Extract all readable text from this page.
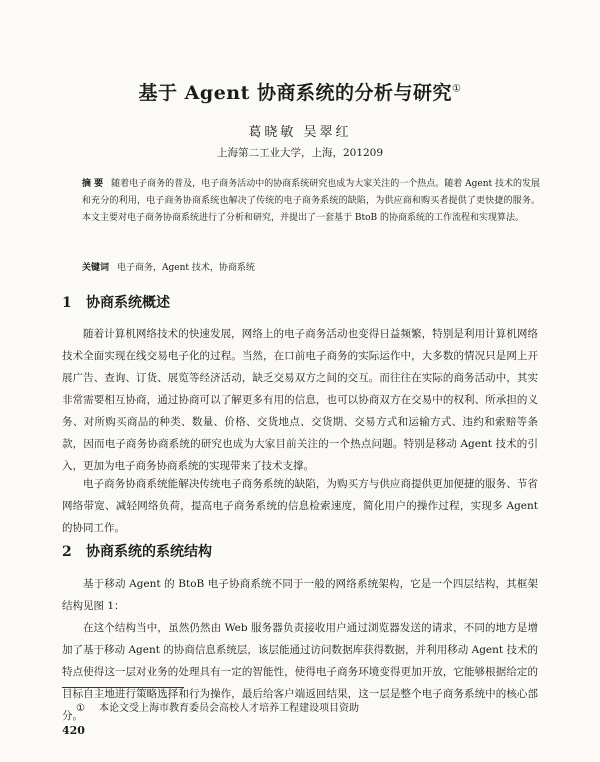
基于 Agent 协商系统的分析与研究①
葛晓敏 吴翠红
上海第二工业大学，上海，201209
摘 要 随着电子商务的普及，电子商务活动中的协商系统研究也成为大家关注的一个热点。随着 Agent 技术的发展和充分的利用，电子商务协商系统也解决了传统的电子商务系统的缺陷，为供应商和购买者提供了更快捷的服务。本文主要对电子商务协商系统进行了分析和研究，并提出了一套基于 BtoB 的协商系统的工作流程和实现算法。
关键词 电子商务，Agent 技术，协商系统
1 协商系统概述

随着计算机网络技术的快速发展，网络上的电子商务活动也变得日益频繁，特别是利用计算机网络技术全面实现在线交易电子化的过程。当然，在口前电子商务的实际运作中，大多数的情况只是网上开展广告、查询、订货、展览等经济活动，缺乏交易双方之间的交互。而往往在实际的商务活动中，其实非常需要相互协商，通过协商可以了解更多有用的信息，也可以协商双方在交易中的权利、所承担的义务、对所购买商品的种类、数量、价格、交货地点、交货期、交易方式和运输方式、违约和索赔等条款，因而电子商务协商系统的研究也成为大家目前关注的一个热点问题。特别是移动 Agent 技术的引入，更加为电子商务协商系统的实现带来了技术支撑。

电子商务协商系统能解决传统电子商务系统的缺陷，为购买方与供应商提供更加便捷的服务、节省网络带宽、减轻网络负荷，提高电子商务系统的信息检索速度，简化用户的操作过程，实现多 Agent 的协同工作。

2 协商系统的系统结构

基于移动 Agent 的 BtoB 电子协商系统不同于一般的网络系统架构，它是一个四层结构，其框架结构见图 1：

在这个结构当中，虽然仍然由 Web 服务器负责接收用户通过浏览器发送的请求，不同的地方是增加了基于移动 Agent 的协商信息系统层，该层能通过访问数据库获得数据，并利用移动 Agent 技术的特点使得这一层对业务的处理具有一定的智能性，使得电子商务环境变得更加开放，它能够根据给定的目标自主地进行策略选择和行为操作，最后给客户端返回结果，这一层是整个电子商务系统中的核心部分。

① 本论文受上海市教育委员会高校人才培养工程建设项目资助
420
